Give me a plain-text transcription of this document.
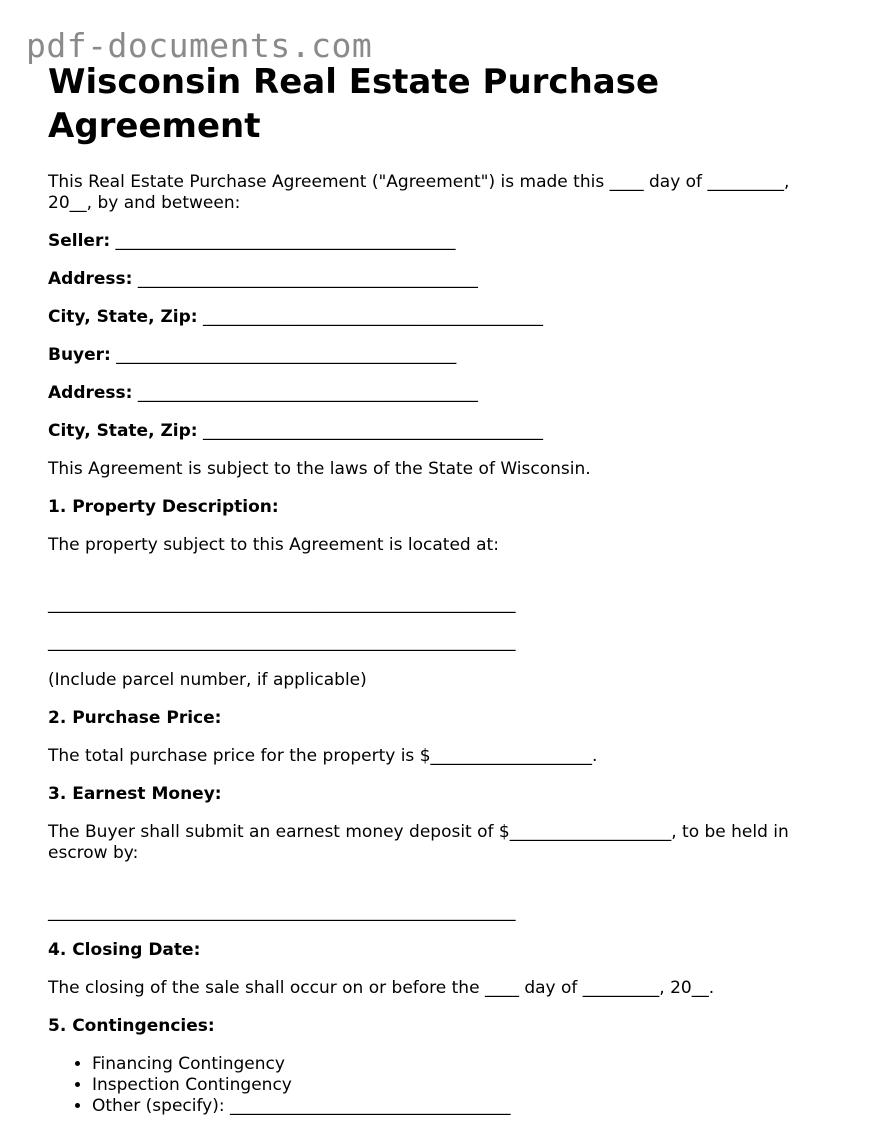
pdf-documents.com
Wisconsin Real Estate Purchase Agreement

This Real Estate Purchase Agreement ("Agreement") is made this ____ day of _________, 20__, by and between:

Seller: ________________________________________

Address: ________________________________________

City, State, Zip: ________________________________________

Buyer: ________________________________________

Address: ________________________________________

City, State, Zip: ________________________________________

This Agreement is subject to the laws of the State of Wisconsin.

1. Property Description:

The property subject to this Agreement is located at:

_______________________________________________________

_______________________________________________________

(Include parcel number, if applicable)

2. Purchase Price:

The total purchase price for the property is $___________________.

3. Earnest Money:

The Buyer shall submit an earnest money deposit of $___________________, to be held in escrow by:

_______________________________________________________

4. Closing Date:

The closing of the sale shall occur on or before the ____ day of _________, 20__.

5. Contingencies:

• Financing Contingency
• Inspection Contingency
• Other (specify): _________________________________
